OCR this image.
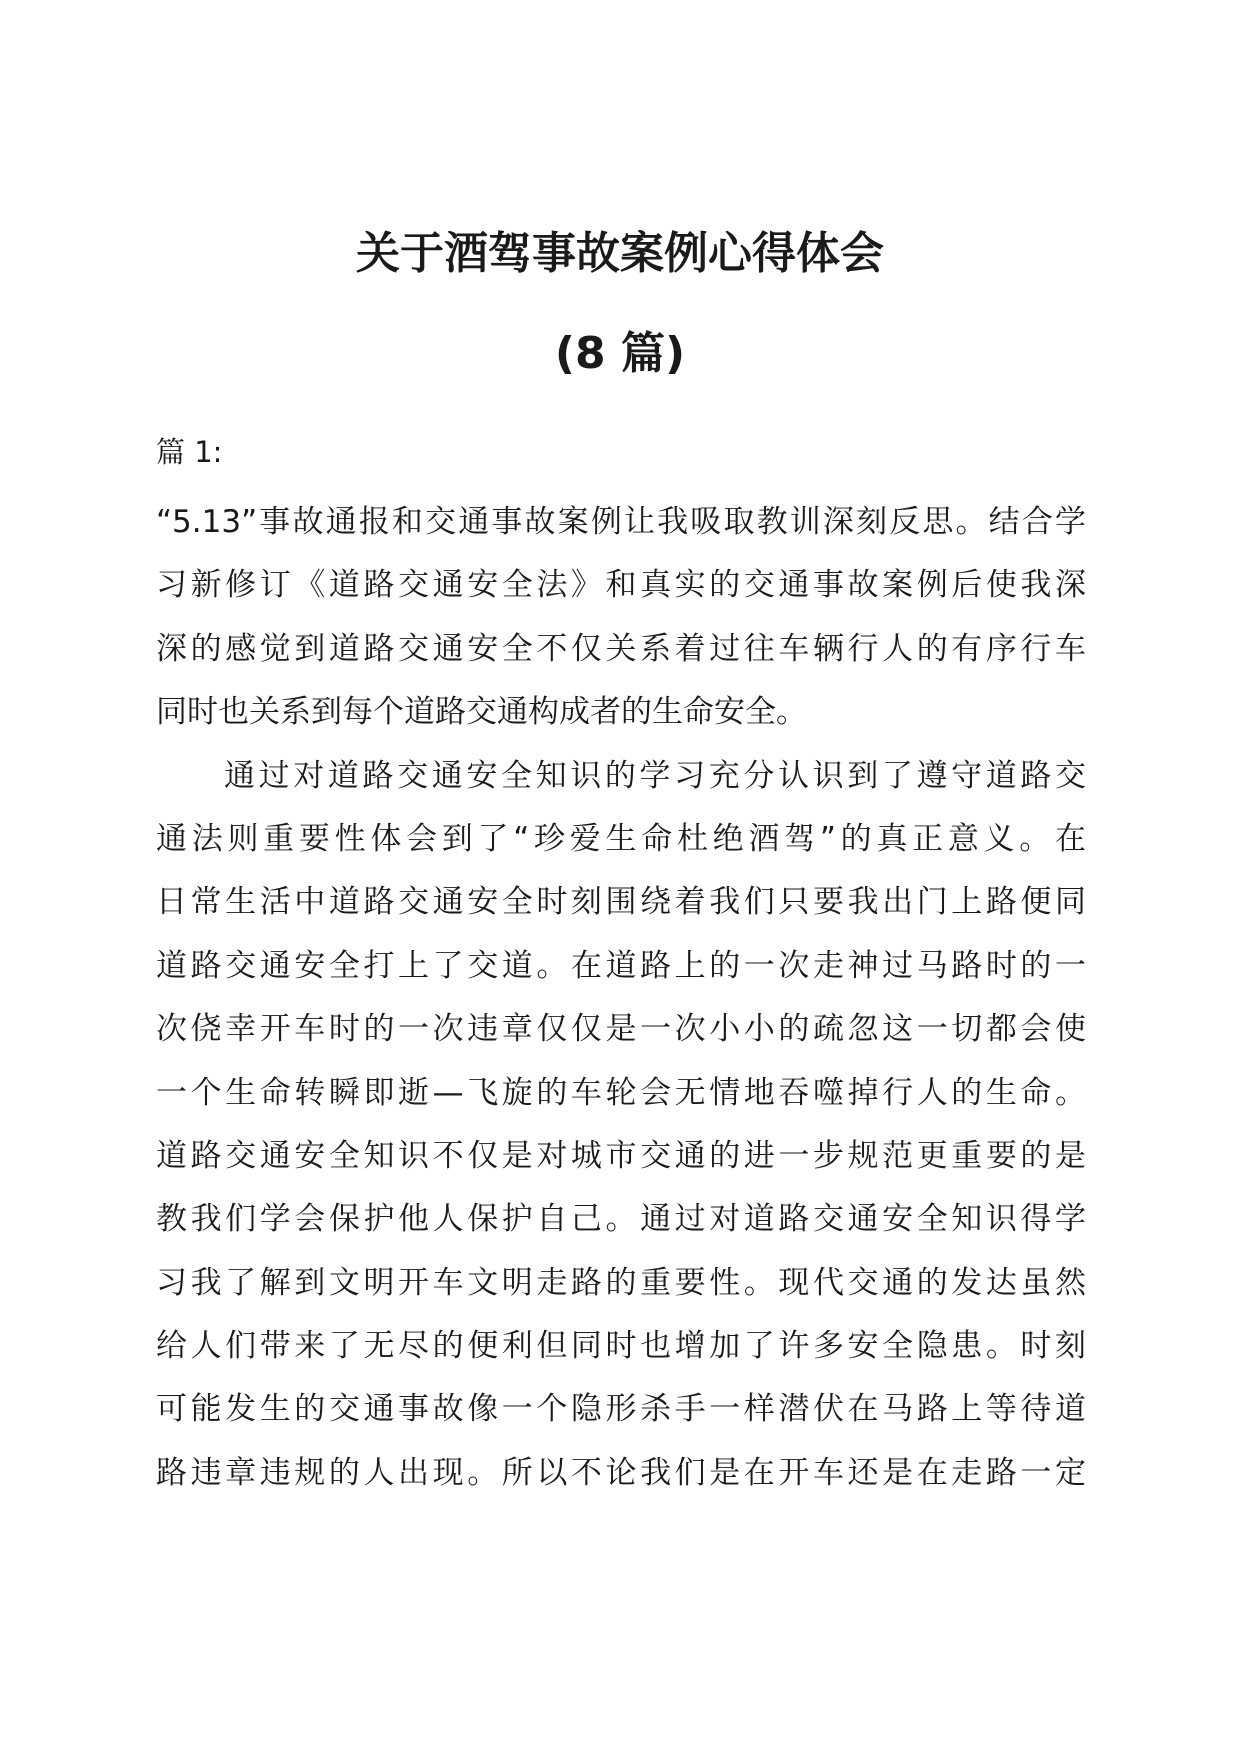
关于酒驾事故案例心得体会
(8 篇)

篇 1:

“5.13”事故通报和交通事故案例让我吸取教训深刻反思。结合学

习新修订《道路交通安全法》和真实的交通事故案例后使我深

深的感觉到道路交通安全不仅关系着过往车辆行人的有序行车

同时也关系到每个道路交通构成者的生命安全。

通过对道路交通安全知识的学习充分认识到了遵守道路交

通法则重要性体会到了“珍爱生命杜绝酒驾”的真正意义。在

日常生活中道路交通安全时刻围绕着我们只要我出门上路便同

道路交通安全打上了交道。在道路上的一次走神过马路时的一

次侥幸开车时的一次违章仅仅是一次小小的疏忽这一切都会使

一个生命转瞬即逝—飞旋的车轮会无情地吞噬掉行人的生命。

道路交通安全知识不仅是对城市交通的进一步规范更重要的是

教我们学会保护他人保护自己。通过对道路交通安全知识得学

习我了解到文明开车文明走路的重要性。现代交通的发达虽然

给人们带来了无尽的便利但同时也增加了许多安全隐患。时刻

可能发生的交通事故像一个隐形杀手一样潜伏在马路上等待道

路违章违规的人出现。所以不论我们是在开车还是在走路一定
